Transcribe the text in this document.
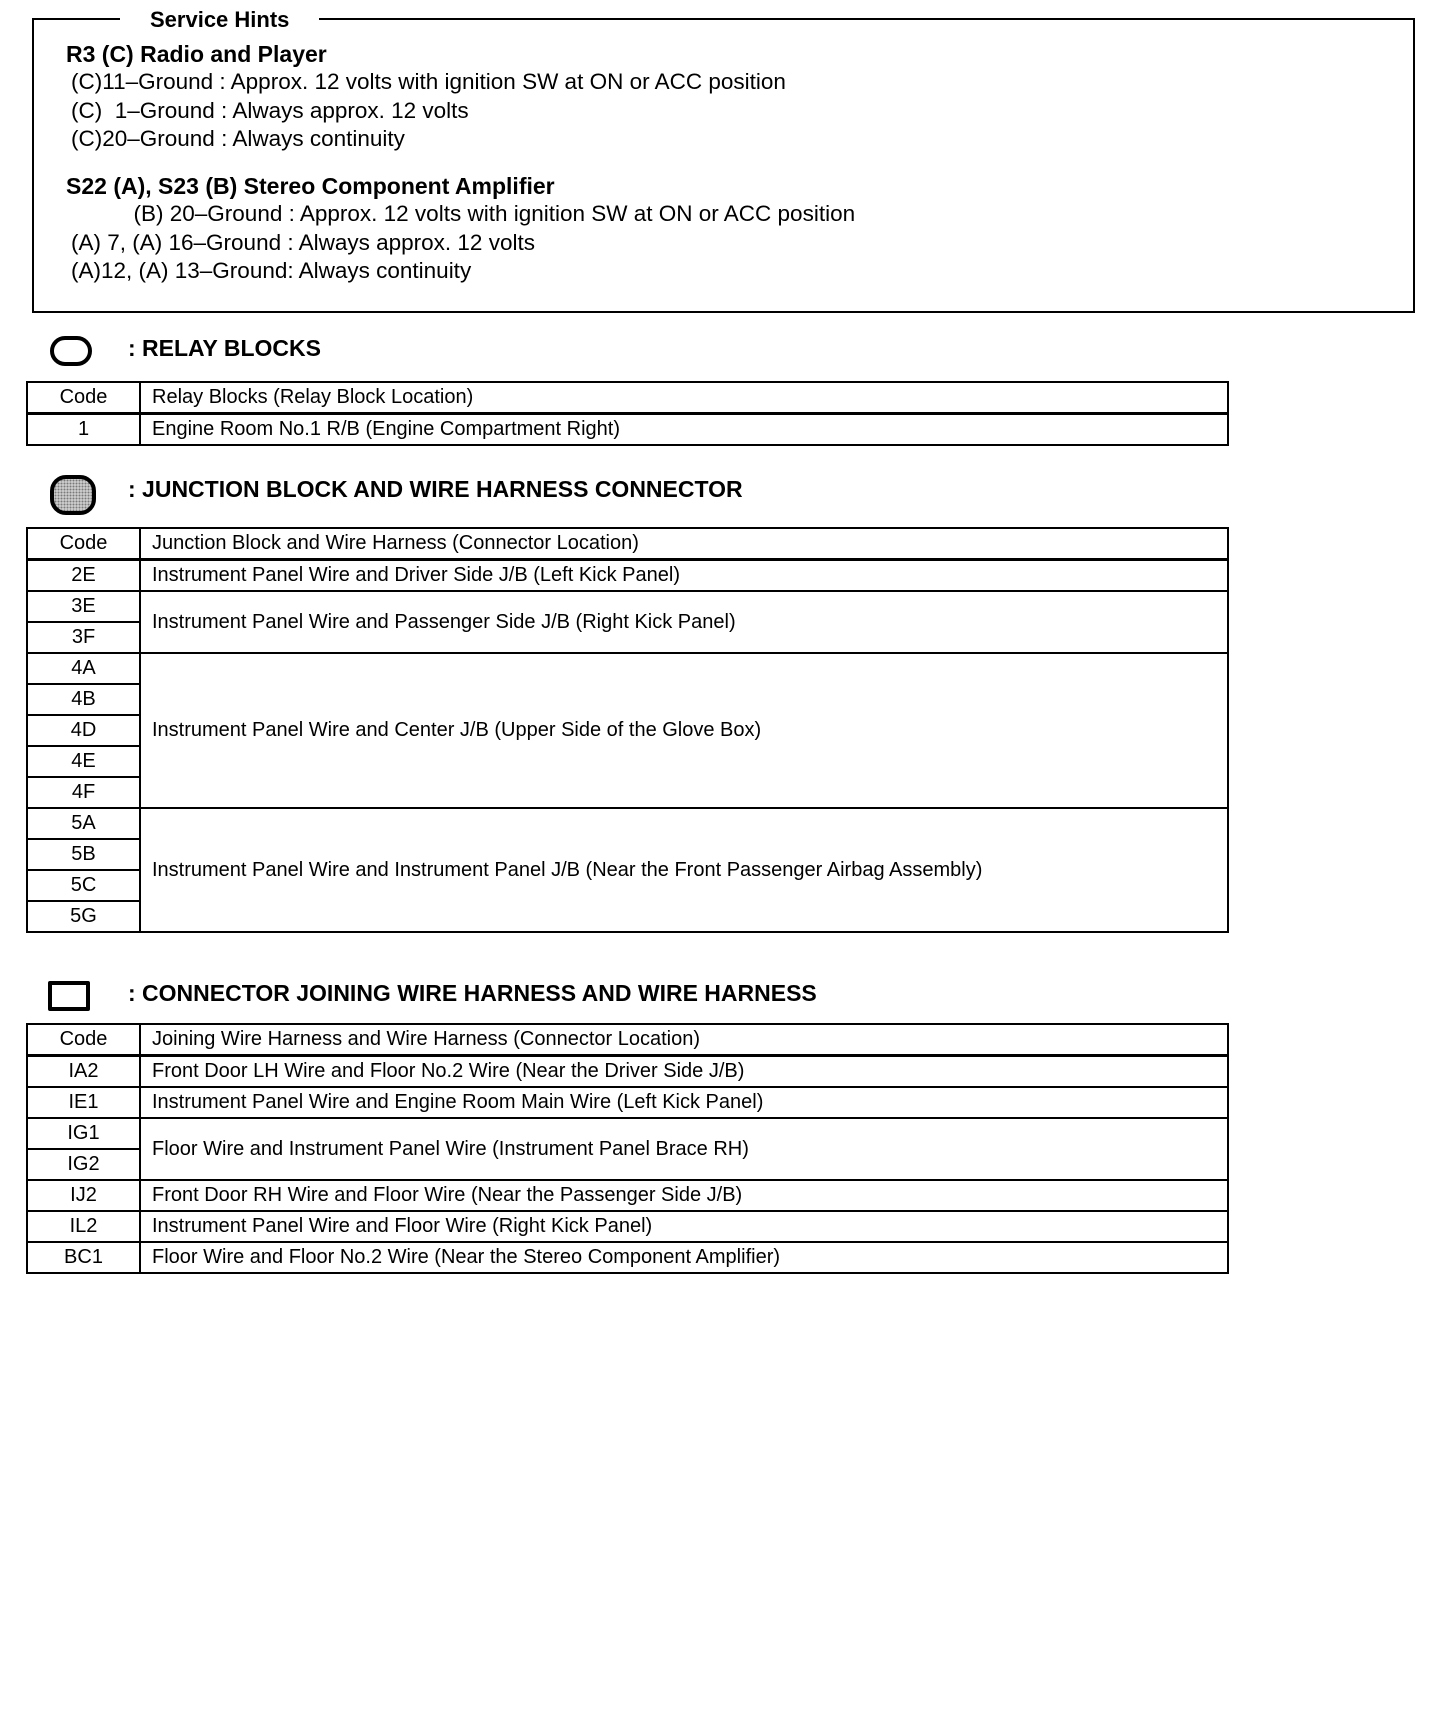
Service Hints
R3 (C) Radio and Player
(C)11–Ground : Approx. 12 volts with ignition SW at ON or ACC position
(C)  1–Ground : Always approx. 12 volts
(C)20–Ground : Always continuity
S22 (A), S23 (B) Stereo Component Amplifier
(B) 20–Ground : Approx. 12 volts with ignition SW at ON or ACC position
(A) 7, (A) 16–Ground : Always approx. 12 volts
(A)12, (A) 13–Ground: Always continuity
: RELAY BLOCKS
Code	Relay Blocks (Relay Block Location)
1	Engine Room No.1 R/B (Engine Compartment Right)
: JUNCTION BLOCK AND WIRE HARNESS CONNECTOR
Code	Junction Block and Wire Harness (Connector Location)
2E	Instrument Panel Wire and Driver Side J/B (Left Kick Panel)
3E	Instrument Panel Wire and Passenger Side J/B (Right Kick Panel)
3F	
4A	Instrument Panel Wire and Center J/B (Upper Side of the Glove Box)
4B	
4D	
4E	
4F	
5A	Instrument Panel Wire and Instrument Panel J/B (Near the Front Passenger Airbag Assembly)
5B	
5C	
5G	
: CONNECTOR JOINING WIRE HARNESS AND WIRE HARNESS
Code	Joining Wire Harness and Wire Harness (Connector Location)
IA2	Front Door LH Wire and Floor No.2 Wire (Near the Driver Side J/B)
IE1	Instrument Panel Wire and Engine Room Main Wire (Left Kick Panel)
IG1	Floor Wire and Instrument Panel Wire (Instrument Panel Brace RH)
IG2	
IJ2	Front Door RH Wire and Floor Wire (Near the Passenger Side J/B)
IL2	Instrument Panel Wire and Floor Wire (Right Kick Panel)
BC1	Floor Wire and Floor No.2 Wire (Near the Stereo Component Amplifier)
